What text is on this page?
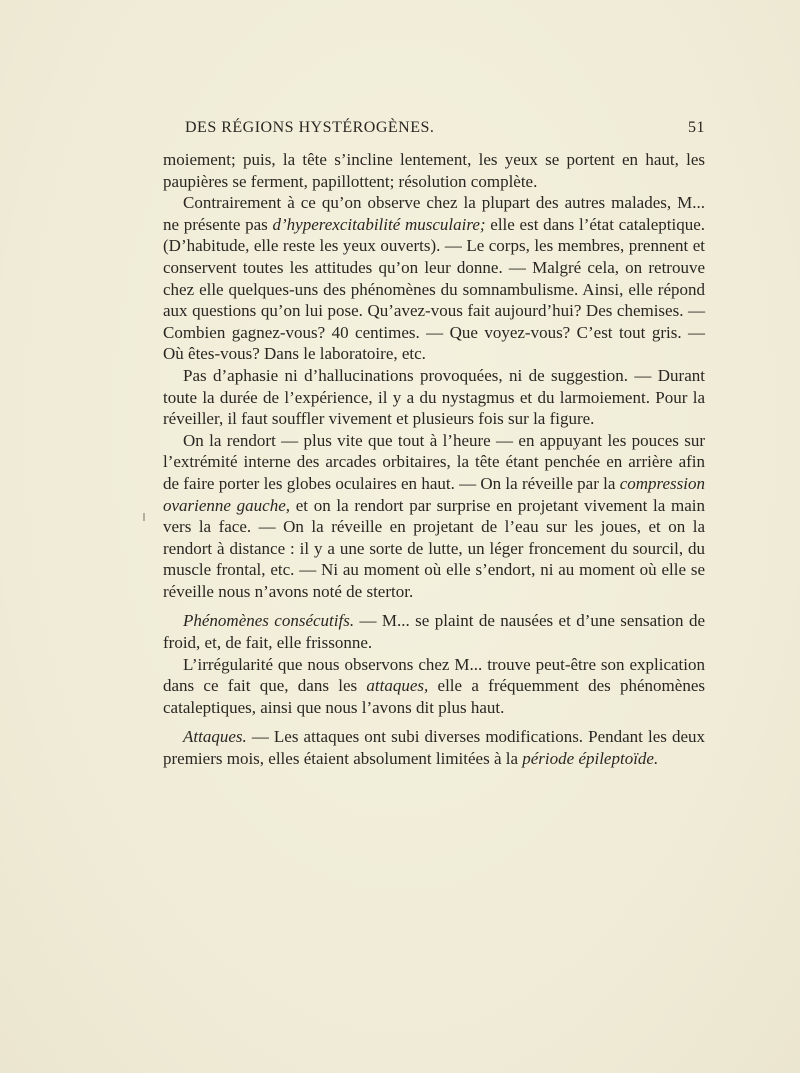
DES RÉGIONS HYSTÉROGÈNES.	51

moiement; puis, la tête s’incline lentement, les yeux se portent en haut, les paupières se ferment, papillottent; résolution complète.

Contrairement à ce qu’on observe chez la plupart des autres malades, M... ne présente pas d’hyperexcitabilité musculaire; elle est dans l’état cataleptique. (D’habitude, elle reste les yeux ouverts). — Le corps, les membres, prennent et conservent toutes les attitudes qu’on leur donne. — Malgré cela, on retrouve chez elle quelques-uns des phénomènes du somnambulisme. Ainsi, elle répond aux questions qu’on lui pose. Qu’avez-vous fait aujourd’hui? Des chemises. — Combien gagnez-vous? 40 centimes. — Que voyez-vous? C’est tout gris. — Où êtes-vous? Dans le laboratoire, etc.

Pas d’aphasie ni d’hallucinations provoquées, ni de suggestion. — Durant toute la durée de l’expérience, il y a du nystagmus et du larmoiement. Pour la réveiller, il faut souffler vivement et plusieurs fois sur la figure.

On la rendort — plus vite que tout à l’heure — en appuyant les pouces sur l’extrémité interne des arcades orbitaires, la tête étant penchée en arrière afin de faire porter les globes oculaires en haut. — On la réveille par la compression ovarienne gauche, et on la rendort par surprise en projetant vivement la main vers la face. — On la réveille en projetant de l’eau sur les joues, et on la rendort à distance : il y a une sorte de lutte, un léger froncement du sourcil, du muscle frontal, etc. — Ni au moment où elle s’endort, ni au moment où elle se réveille nous n’avons noté de stertor.

Phénomènes consécutifs. — M... se plaint de nausées et d’une sensation de froid, et, de fait, elle frissonne.

L’irrégularité que nous observons chez M... trouve peut-être son explication dans ce fait que, dans les attaques, elle a fréquemment des phénomènes cataleptiques, ainsi que nous l’avons dit plus haut.

Attaques. — Les attaques ont subi diverses modifications. Pendant les deux premiers mois, elles étaient absolument limitées à la période épileptoïde.
